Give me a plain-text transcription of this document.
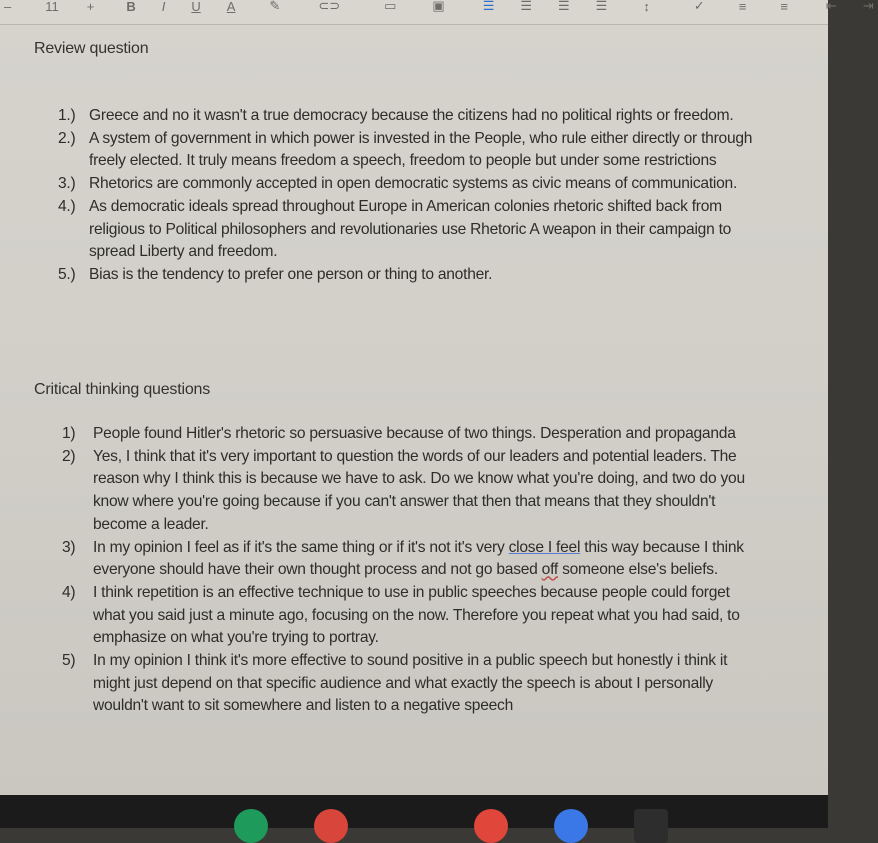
–	11	+	B	I	U	A	✎	⊂⊃	▭	▣	☰	☰	☰	☰	↕	✓	≡	≡	⇤	⇥
Review question
1.) Greece and no it wasn't a true democracy because the citizens had no political rights or freedom.
2.) A system of government in which power is invested in the People, who rule either directly or through freely elected. It truly means freedom a speech, freedom to people but under some restrictions
3.) Rhetorics are commonly accepted in open democratic systems as civic means of communication.
4.) As democratic ideals spread throughout Europe in American colonies rhetoric shifted back from religious to Political philosophers and revolutionaries use Rhetoric A weapon in their campaign to spread Liberty and freedom.
5.) Bias is the tendency to prefer one person or thing to another.
Critical thinking questions
1) People found Hitler's rhetoric so persuasive because of two things. Desperation and propaganda
2) Yes, I think that it's very important to question the words of our leaders and potential leaders. The reason why I think this is because we have to ask. Do we know what you're doing, and two do you know where you're going because if you can't answer that then that means that they shouldn't become a leader.
3) In my opinion I feel as if it's the same thing or if it's not it's very close I feel this way because I think everyone should have their own thought process and not go based off someone else's beliefs.
4) I think repetition is an effective technique to use in public speeches because people could forget what you said just a minute ago, focusing on the now. Therefore you repeat what you had said, to emphasize on what you're trying to portray.
5) In my opinion I think it's more effective to sound positive in a public speech but honestly i think it might just depend on that specific audience and what exactly the speech is about I personally wouldn't want to sit somewhere and listen to a negative speech
